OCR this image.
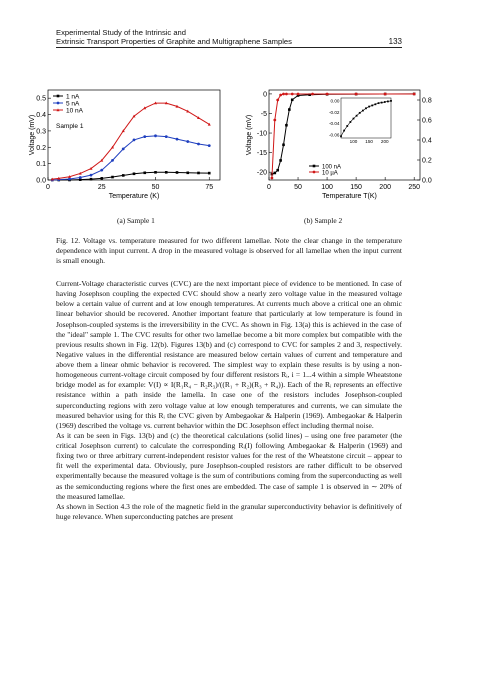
Experimental Study of the Intrinsic and
Extrinsic Transport Properties of Graphite and Multigraphene Samples	133
0	25	50	75
0.0
0.1
0.2
0.3
0.4
0.5
Temperature (K)
Voltage (mV)
1 nA
5 nA
10 nA
Sample 1
0	50	100 150 200 250
0
-5
-10
-15
-20
0.0
0.2
0.4
0.6
0.8
Temperature T(K)
Voltage (mV)
100 nA
10 µA
100 150 200
0.00
-0.02
-0.04
-0.06
(a) Sample 1	(b) Sample 2
Fig. 12. Voltage vs. temperature measured for two different lamellae. Note the clear change in the temperature dependence with input current. A drop in the measured voltage is observed for all lamellae when the input current is small enough.

Current-Voltage characteristic curves (CVC) are the next important piece of evidence to be mentioned. In case of having Josephson coupling the expected CVC should show a nearly zero voltage value in the measured voltage below a certain value of current and at low enough temperatures. At currents much above a critical one an ohmic linear behavior should be recovered. Another important feature that particularly at low temperature is found in Josephson-coupled systems is the irreversibility in the CVC. As shown in Fig. 13(a) this is achieved in the case of the "ideal" sample 1. The CVC results for other two lamellae become a bit more complex but compatible with the previous results shown in Fig. 12(b). Figures 13(b) and (c) correspond to CVC for samples 2 and 3, respectively. Negative values in the differential resistance are measured below certain values of current and temperature and above them a linear ohmic behavior is recovered. The simplest way to explain these results is by using a non-homogeneous current-voltage circuit composed by four different resistors Rᵢ, i = 1...4 within a simple Wheatstone bridge model as for example: V(I) ∝ I(R₁R₄ − R₂R₃)/((R₁ + R₂)(R₃ + R₄)). Each of the Rᵢ represents an effective resistance within a path inside the lamella. In case one of the resistors includes Josephson-coupled superconducting regions with zero voltage value at low enough temperatures and currents, we can simulate the measured behavior using for this Rᵢ the CVC given by Ambegaokar & Halperin (1969). Ambegaokar & Halperin (1969) described the voltage vs. current behavior within the DC Josephson effect including thermal noise.

As it can be seen in Figs. 13(b) and (c) the theoretical calculations (solid lines) – using one free parameter (the critical Josephson current) to calculate the corresponding Rᵢ(I) following Ambegaokar & Halperin (1969) and fixing two or three arbitrary current-independent resistor values for the rest of the Wheatstone circuit – appear to fit well the experimental data. Obviously, pure Josephson-coupled resistors are rather difficult to be observed experimentally because the measured voltage is the sum of contributions coming from the superconducting as well as the semiconducting regions where the first ones are embedded. The case of sample 1 is observed in ∼ 20% of the measured lamellae.

As shown in Section 4.3 the role of the magnetic field in the granular superconductivity behavior is definitively of huge relevance. When superconducting patches are present
